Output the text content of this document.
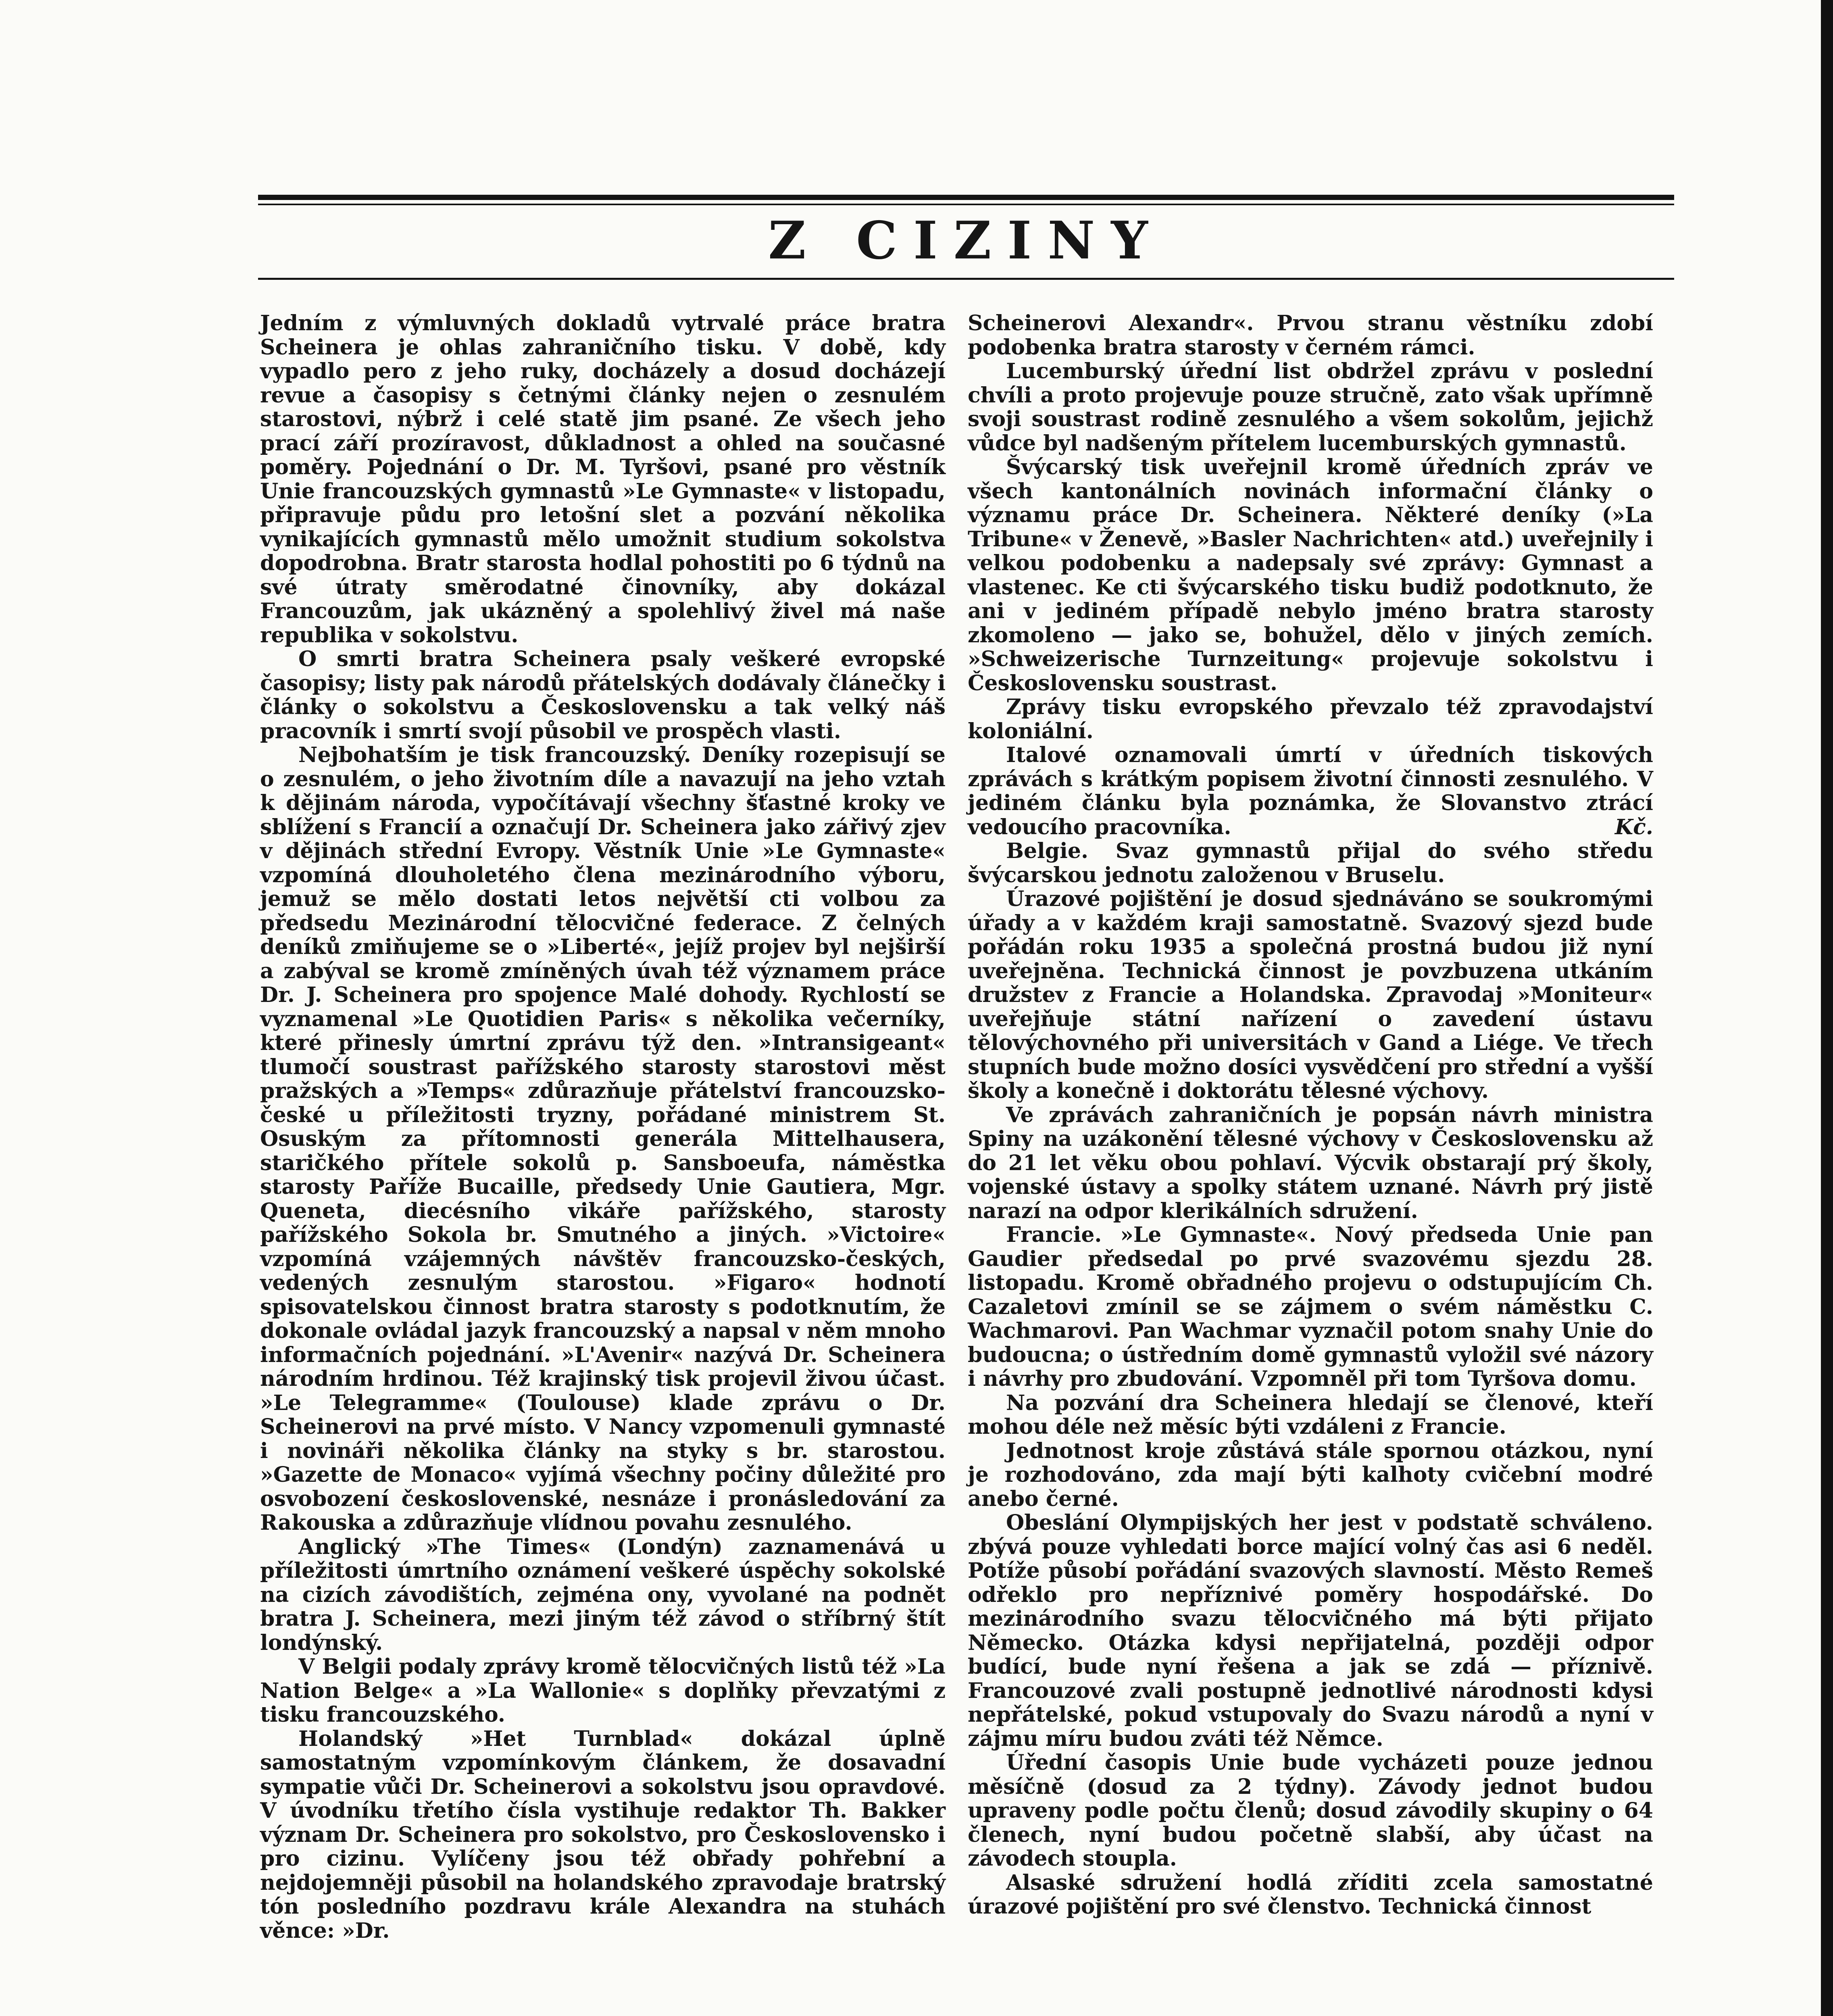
Z CIZINY

Jedním z výmluvných dokladů vytrvalé práce bratra Scheinera je ohlas zahraničního tisku. V době, kdy vypadlo pero z jeho ruky, docházely a dosud docházejí revue a časopisy s četnými články nejen o zesnulém starostovi, nýbrž i celé statě jim psané. Ze všech jeho prací září prozíravost, důkladnost a ohled na současné poměry. Pojednání o Dr. M. Tyršovi, psané pro věstník Unie francouzských gymnastů »Le Gymnaste« v listopadu, připravuje půdu pro letošní slet a pozvání několika vynikajících gymnastů mělo umožnit studium sokolstva dopodrobna. Bratr starosta hodlal pohostiti po 6 týdnů na své útraty směrodatné činovníky, aby dokázal Francouzům, jak ukázněný a spolehlivý živel má naše republika v sokolstvu.

O smrti bratra Scheinera psaly veškeré evropské časopisy; listy pak národů přátelských dodávaly článečky i články o sokolstvu a Československu a tak velký náš pracovník i smrtí svojí působil ve prospěch vlasti.

Nejbohatším je tisk francouzský. Deníky rozepisují se o zesnulém, o jeho životním díle a navazují na jeho vztah k dějinám národa, vypočítávají všechny šťastné kroky ve sblížení s Francií a označují Dr. Scheinera jako zářivý zjev v dějinách střední Evropy. Věstník Unie »Le Gymnaste« vzpomíná dlouholetého člena mezinárodního výboru, jemuž se mělo dostati letos největší cti volbou za předsedu Mezinárodní tělocvičné federace. Z čelných deníků zmiňujeme se o »Liberté«, jejíž projev byl nejširší a zabýval se kromě zmíněných úvah též významem práce Dr. J. Scheinera pro spojence Malé dohody. Rychlostí se vyznamenal »Le Quotidien Paris« s několika večerníky, které přinesly úmrtní zprávu týž den. »Intransigeant« tlumočí soustrast pařížského starosty starostovi měst pražských a »Temps« zdůrazňuje přátelství francouzsko-české u příležitosti tryzny, pořádané ministrem St. Osuským za přítomnosti generála Mittelhausera, staričkého přítele sokolů p. Sansboeufa, náměstka starosty Paříže Bucaille, předsedy Unie Gautiera, Mgr. Queneta, diecésního vikáře pařížského, starosty pařížského Sokola br. Smutného a jiných. »Victoire« vzpomíná vzájemných návštěv francouzsko-českých, vedených zesnulým starostou. »Figaro« hodnotí spisovatelskou činnost bratra starosty s podotknutím, že dokonale ovládal jazyk francouzský a napsal v něm mnoho informačních pojednání. »L'Avenir« nazývá Dr. Scheinera národním hrdinou. Též krajinský tisk projevil živou účast. »Le Telegramme« (Toulouse) klade zprávu o Dr. Scheinerovi na prvé místo. V Nancy vzpomenuli gymnasté i novináři několika články na styky s br. starostou. »Gazette de Monaco« vyjímá všechny počiny důležité pro osvobození československé, nesnáze i pronásledování za Rakouska a zdůrazňuje vlídnou povahu zesnulého.

Anglický »The Times« (Londýn) zaznamenává u příležitosti úmrtního oznámení veškeré úspěchy sokolské na cizích závodištích, zejména ony, vyvolané na podnět bratra J. Scheinera, mezi jiným též závod o stříbrný štít londýnský.

V Belgii podaly zprávy kromě tělocvičných listů též »La Nation Belge« a »La Wallonie« s doplňky převzatými z tisku francouzského.

Holandský »Het Turnblad« dokázal úplně samostatným vzpomínkovým článkem, že dosavadní sympatie vůči Dr. Scheinerovi a sokolstvu jsou opravdové. V úvodníku třetího čísla vystihuje redaktor Th. Bakker význam Dr. Scheinera pro sokolstvo, pro Československo i pro cizinu. Vylíčeny jsou též obřady pohřební a nejdojemněji působil na holandského zpravodaje bratrský tón posledního pozdravu krále Alexandra na stuhách věnce: »Dr.

Scheinerovi Alexandr«. Prvou stranu věstníku zdobí podobenka bratra starosty v černém rámci.

Lucemburský úřední list obdržel zprávu v poslední chvíli a proto projevuje pouze stručně, zato však upřímně svoji soustrast rodině zesnulého a všem sokolům, jejichž vůdce byl nadšeným přítelem lucemburských gymnastů.

Švýcarský tisk uveřejnil kromě úředních zpráv ve všech kantonálních novinách informační články o významu práce Dr. Scheinera. Některé deníky (»La Tribune« v Ženevě, »Basler Nachrichten« atd.) uveřejnily i velkou podobenku a nadepsaly své zprávy: Gymnast a vlastenec. Ke cti švýcarského tisku budiž podotknuto, že ani v jediném případě nebylo jméno bratra starosty zkomoleno — jako se, bohužel, dělo v jiných zemích. »Schweizerische Turnzeitung« projevuje sokolstvu i Československu soustrast.

Zprávy tisku evropského převzalo též zpravodajství koloniální.

Italové oznamovali úmrtí v úředních tiskových zprávách s krátkým popisem životní činnosti zesnulého. V jediném článku byla poznámka, že Slovanstvo ztrácí vedoucího pracovníka.	Kč.

Belgie. Svaz gymnastů přijal do svého středu švýcarskou jednotu založenou v Bruselu.

Úrazové pojištění je dosud sjednáváno se soukromými úřady a v každém kraji samostatně. Svazový sjezd bude pořádán roku 1935 a společná prostná budou již nyní uveřejněna. Technická činnost je povzbuzena utkáním družstev z Francie a Holandska. Zpravodaj »Moniteur« uveřejňuje státní nařízení o zavedení ústavu tělovýchovného při universitách v Gand a Liége. Ve třech stupních bude možno dosíci vysvědčení pro střední a vyšší školy a konečně i doktorátu tělesné výchovy.

Ve zprávách zahraničních je popsán návrh ministra Spiny na uzákonění tělesné výchovy v Československu až do 21 let věku obou pohlaví. Výcvik obstarají prý školy, vojenské ústavy a spolky státem uznané. Návrh prý jistě narazí na odpor klerikálních sdružení.

Francie. »Le Gymnaste«. Nový předseda Unie pan Gaudier předsedal po prvé svazovému sjezdu 28. listopadu. Kromě obřadného projevu o odstupujícím Ch. Cazaletovi zmínil se se zájmem o svém náměstku C. Wachmarovi. Pan Wachmar vyznačil potom snahy Unie do budoucna; o ústředním domě gymnastů vyložil své názory i návrhy pro zbudování. Vzpomněl při tom Tyršova domu.

Na pozvání dra Scheinera hledají se členové, kteří mohou déle než měsíc býti vzdáleni z Francie.

Jednotnost kroje zůstává stále spornou otázkou, nyní je rozhodováno, zda mají býti kalhoty cvičební modré anebo černé.

Obeslání Olympijských her jest v podstatě schváleno. zbývá pouze vyhledati borce mající volný čas asi 6 neděl. Potíže působí pořádání svazových slavností. Město Remeš odřeklo pro nepříznivé poměry hospodářské. Do mezinárodního svazu tělocvičného má býti přijato Německo. Otázka kdysi nepřijatelná, později odpor budící, bude nyní řešena a jak se zdá — příznivě. Francouzové zvali postupně jednotlivé národnosti kdysi nepřátelské, pokud vstupovaly do Svazu národů a nyní v zájmu míru budou zváti též Němce.

Úřední časopis Unie bude vycházeti pouze jednou měsíčně (dosud za 2 týdny). Závody jednot budou upraveny podle počtu členů; dosud závodily skupiny o 64 členech, nyní budou početně slabší, aby účast na závodech stoupla.

Alsaské sdružení hodlá zříditi zcela samostatné úrazové pojištění pro své členstvo. Technická činnost
